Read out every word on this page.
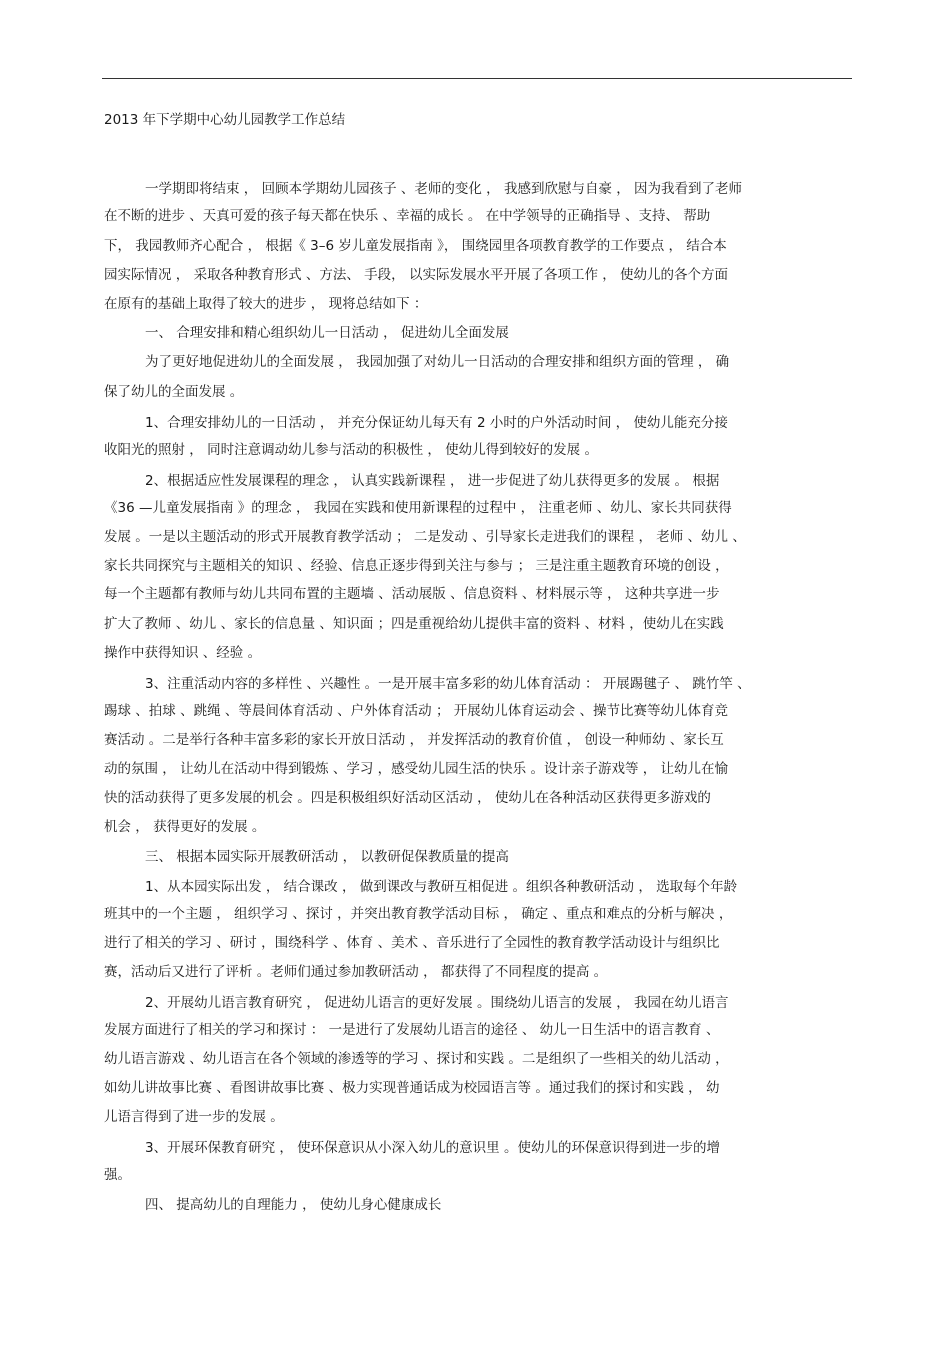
2013 年下学期中心幼儿园教学工作总结
一学期即将结束 ， 回顾本学期幼儿园孩子 、老师的变化 ， 我感到欣慰与自豪 ， 因为我看到了老师
在不断的进步 、天真可爱的孩子每天都在快乐 、幸福的成长 。 在中学领导的正确指导 、支持、 帮助
下， 我园教师齐心配合 ， 根据《 3–6 岁儿童发展指南 》， 围绕园里各项教育教学的工作要点 ， 结合本
园实际情况 ， 采取各种教育形式 、方法、 手段， 以实际发展水平开展了各项工作 ， 使幼儿的各个方面
在原有的基础上取得了较大的进步 ， 现将总结如下 ：
一、 合理安排和精心组织幼儿一日活动 ， 促进幼儿全面发展
为了更好地促进幼儿的全面发展 ， 我园加强了对幼儿一日活动的合理安排和组织方面的管理 ， 确
保了幼儿的全面发展 。
1、合理安排幼儿的一日活动 ， 并充分保证幼儿每天有 2 小时的户外活动时间 ， 使幼儿能充分接
收阳光的照射 ， 同时注意调动幼儿参与活动的积极性 ， 使幼儿得到较好的发展 。
2、根据适应性发展课程的理念 ， 认真实践新课程 ， 进一步促进了幼儿获得更多的发展 。 根据
《36 —儿童发展指南 》的理念 ， 我园在实践和使用新课程的过程中 ， 注重老师 、幼儿、家长共同获得
发展 。一是以主题活动的形式开展教育教学活动 ； 二是发动 、引导家长走进我们的课程 ， 老师 、幼儿 、
家长共同探究与主题相关的知识 、经验、信息正逐步得到关注与参与 ； 三是注重主题教育环境的创设 ，
每一个主题都有教师与幼儿共同布置的主题墙 、活动展版 、信息资料 、材料展示等 ， 这种共享进一步
扩大了教师 、幼儿 、家长的信息量 、知识面 ；四是重视给幼儿提供丰富的资料 、材料 ，使幼儿在实践
操作中获得知识 、经验 。
3、注重活动内容的多样性 、兴趣性 。一是开展丰富多彩的幼儿体育活动 ： 开展踢毽子 、 跳竹竿 、
踢球 、拍球 、跳绳 、等晨间体育活动 、户外体育活动 ； 开展幼儿体育运动会 、操节比赛等幼儿体育竞
赛活动 。二是举行各种丰富多彩的家长开放日活动 ， 并发挥活动的教育价值 ， 创设一种师幼 、家长互
动的氛围 ， 让幼儿在活动中得到锻炼 、学习 ，感受幼儿园生活的快乐 。设计亲子游戏等 ， 让幼儿在愉
快的活动获得了更多发展的机会 。四是积极组织好活动区活动 ， 使幼儿在各种活动区获得更多游戏的
机会 ， 获得更好的发展 。
三、 根据本园实际开展教研活动 ， 以教研促保教质量的提高
1、从本园实际出发 ， 结合课改 ， 做到课改与教研互相促进 。组织各种教研活动 ， 选取每个年龄
班其中的一个主题 ， 组织学习 、探讨 ，并突出教育教学活动目标 ， 确定 、重点和难点的分析与解决 ，
进行了相关的学习 、研讨 ，围绕科学 、体育 、美术 、音乐进行了全园性的教育教学活动设计与组织比
赛，活动后又进行了评析 。老师们通过参加教研活动 ， 都获得了不同程度的提高 。
2、开展幼儿语言教育研究 ， 促进幼儿语言的更好发展 。围绕幼儿语言的发展 ， 我园在幼儿语言
发展方面进行了相关的学习和探讨 ： 一是进行了发展幼儿语言的途径 、 幼儿一日生活中的语言教育 、
幼儿语言游戏 、幼儿语言在各个领域的渗透等的学习 、探讨和实践 。二是组织了一些相关的幼儿活动 ，
如幼儿讲故事比赛 、看图讲故事比赛 、极力实现普通话成为校园语言等 。通过我们的探讨和实践 ， 幼
儿语言得到了进一步的发展 。
3、开展环保教育研究 ， 使环保意识从小深入幼儿的意识里 。使幼儿的环保意识得到进一步的增
强。
四、 提高幼儿的自理能力 ， 使幼儿身心健康成长
